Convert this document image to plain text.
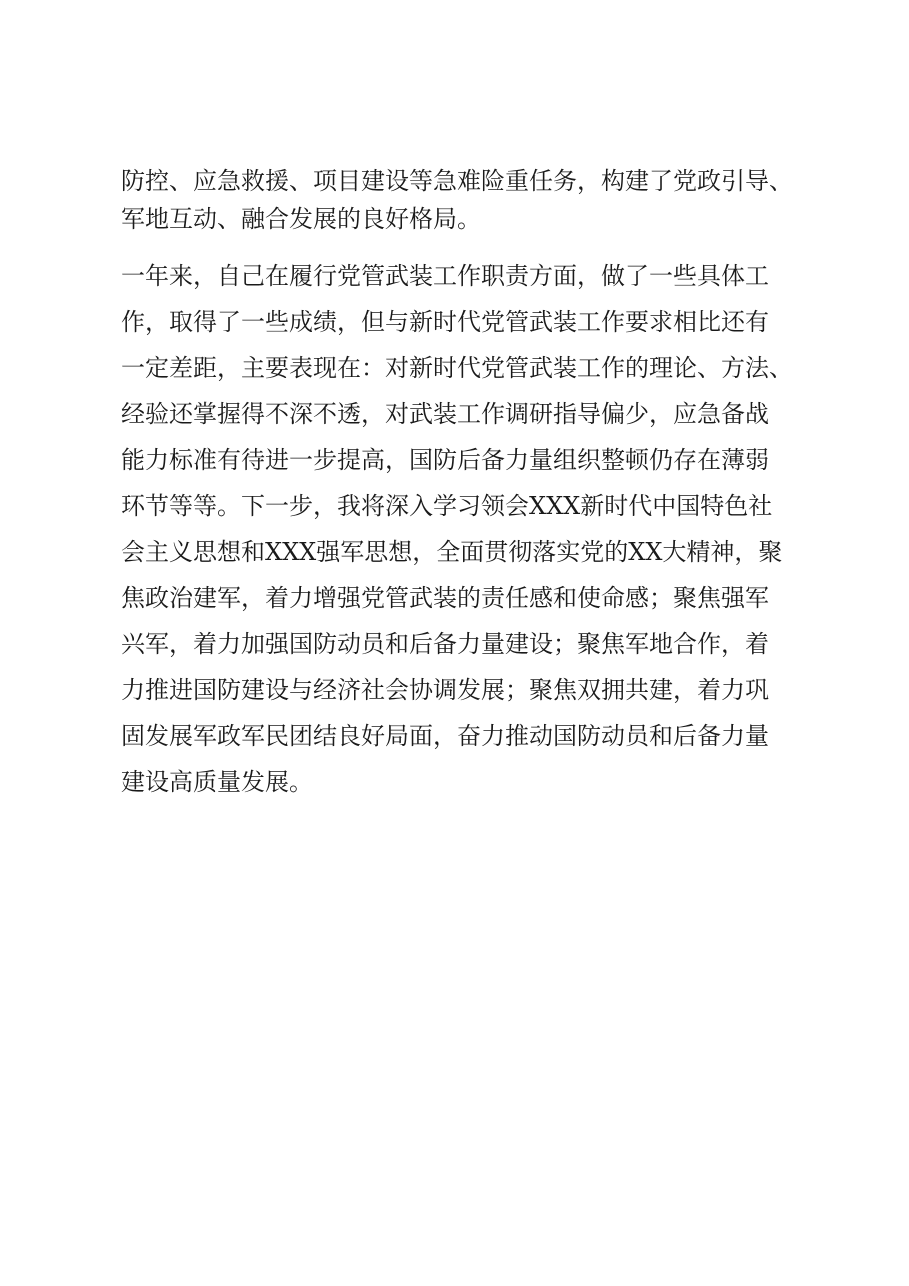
防控、应急救援、项目建设等急难险重任务，构建了党政引导、
军地互动、融合发展的良好格局。
一年来，自己在履行党管武装工作职责方面，做了一些具体工
作，取得了一些成绩，但与新时代党管武装工作要求相比还有
一定差距，主要表现在：对新时代党管武装工作的理论、方法、
经验还掌握得不深不透，对武装工作调研指导偏少，应急备战
能力标准有待进一步提高，国防后备力量组织整顿仍存在薄弱
环节等等。下一步，我将深入学习领会XXX新时代中国特色社
会主义思想和XXX强军思想，全面贯彻落实党的XX大精神，聚
焦政治建军，着力增强党管武装的责任感和使命感；聚焦强军
兴军，着力加强国防动员和后备力量建设；聚焦军地合作，着
力推进国防建设与经济社会协调发展；聚焦双拥共建，着力巩
固发展军政军民团结良好局面，奋力推动国防动员和后备力量
建设高质量发展。
